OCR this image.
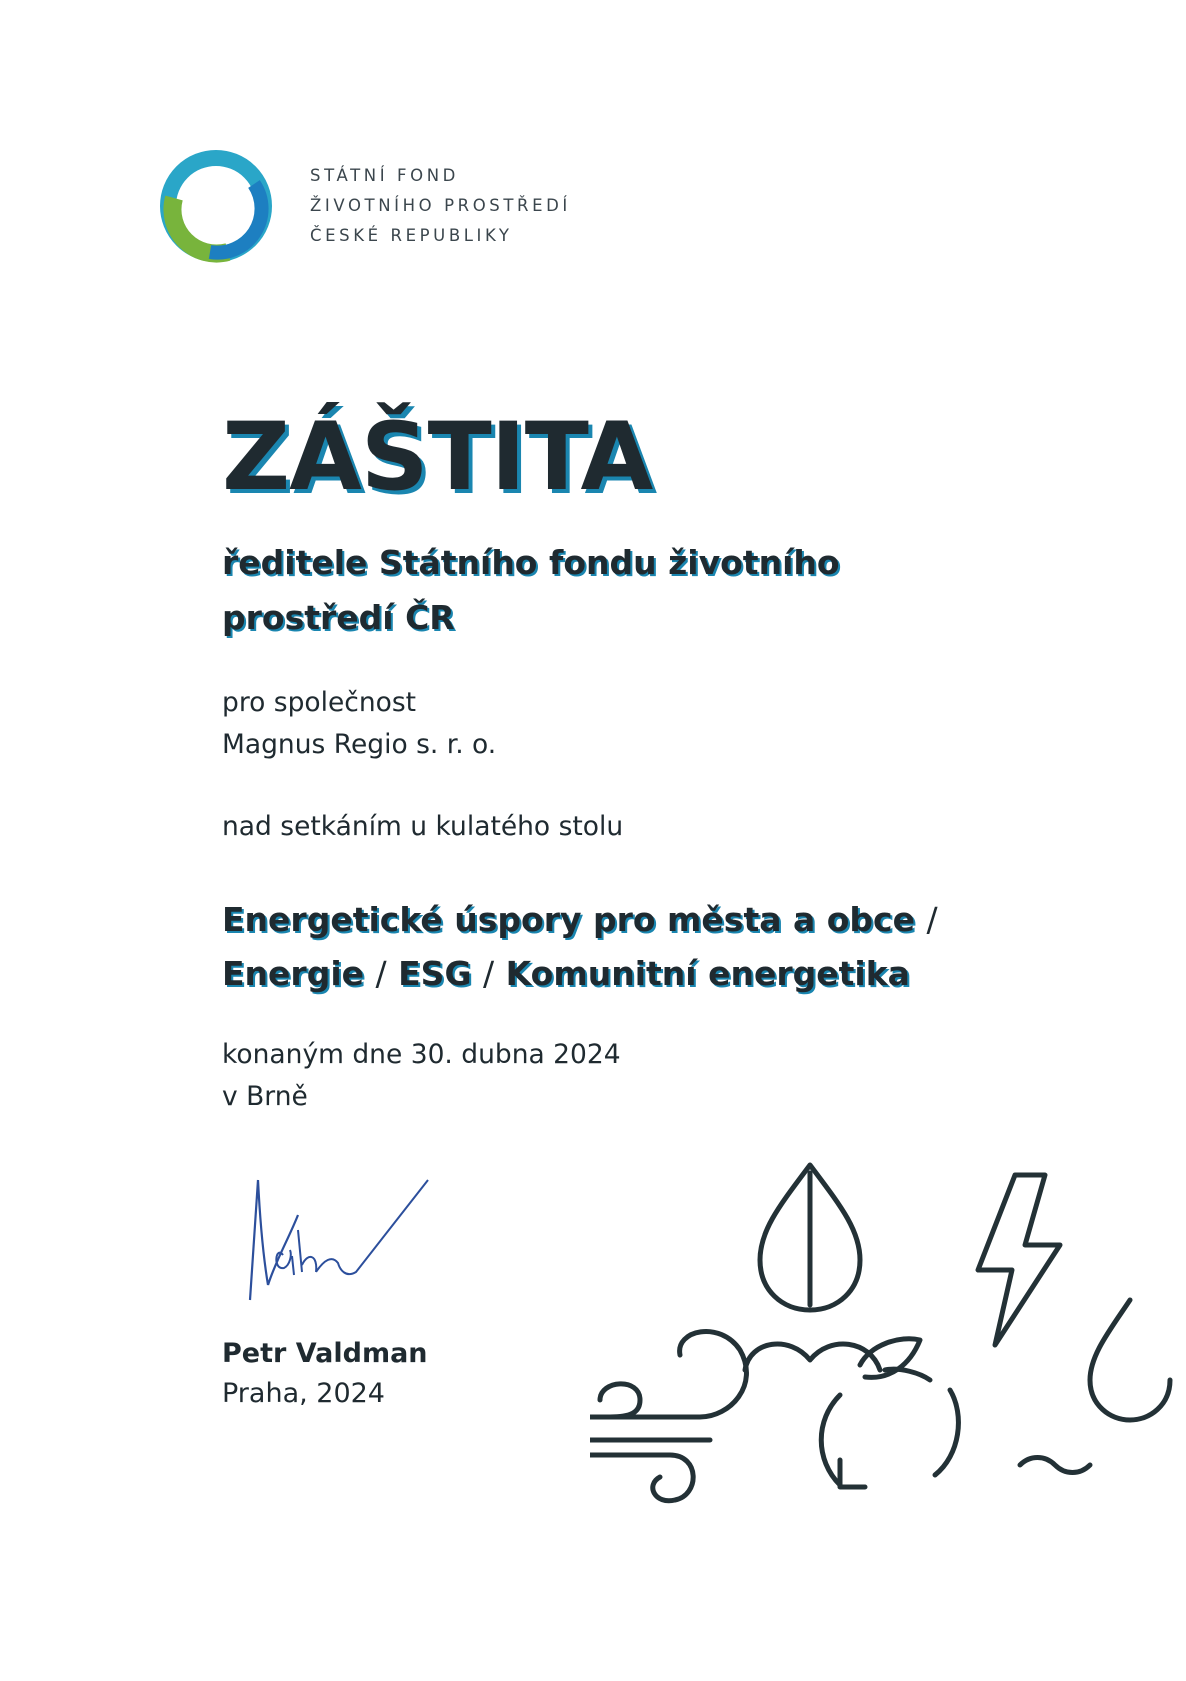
STÁTNÍ FOND
ŽIVOTNÍHO PROSTŘEDÍ
ČESKÉ REPUBLIKY
ZÁŠTITA
ředitele Státního fondu životního
prostředí ČR
pro společnost
Magnus Regio s. r. o.
nad setkáním u kulatého stolu
Energetické úspory pro města a obce /
Energie / ESG / Komunitní energetika
konaným dne 30. dubna 2024
v Brně
Petr Valdman
Praha, 2024
